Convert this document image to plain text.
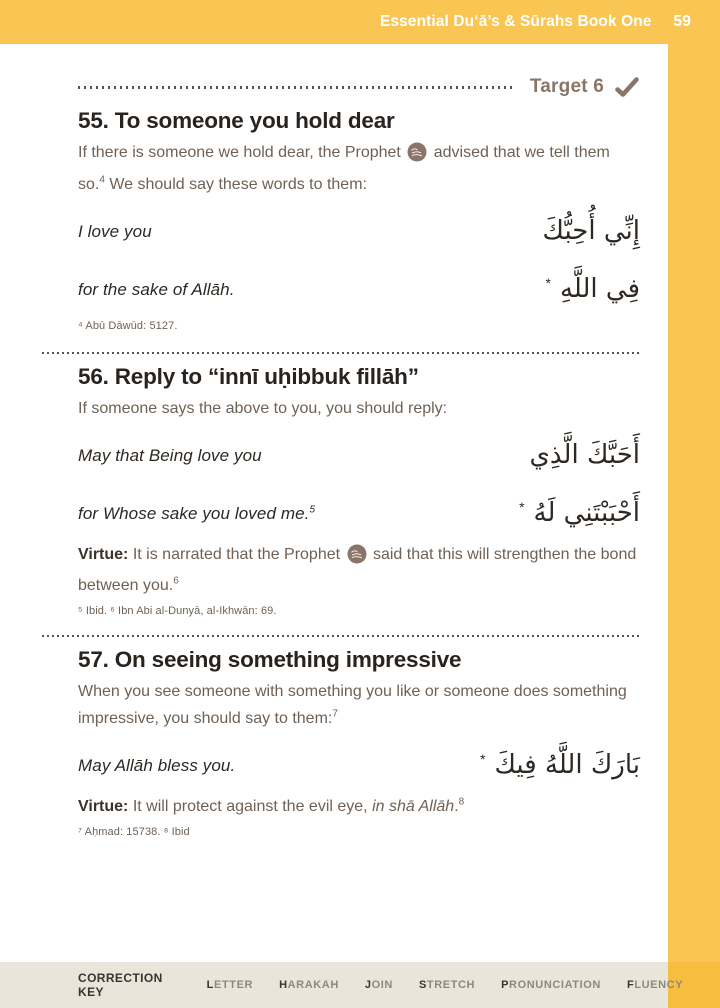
Essential Du‘ā’s & Sūrahs Book One 59
Target 6
55. To someone you hold dear

If there is someone we hold dear, the Prophet  advised that we tell them so.$^4$ We should say these words to them:

I love you	إِنِّي أُحِبُّكَ
for the sake of Allāh.	فِي اللَّهِ*

⁴ Abū Dāwūd: 5127.

56. Reply to “innī uḥibbuk fillāh”

If someone says the above to you, you should reply:

May that Being love you	أَحَبَّكَ الَّذِي
for Whose sake you loved me.$^5$	أَحْبَبْتَنِي لَهُ*

Virtue: It is narrated that the Prophet  said that this will strengthen the bond between you.$^6$

⁵ Ibid. ⁶ Ibn Abi al-Dunyā, al-Ikhwān: 69.

57. On seeing something impressive

When you see someone with something you like or someone does something impressive, you should say to them:$^7$

May Allāh bless you.	بَارَكَ اللَّهُ فِيكَ*

Virtue: It will protect against the evil eye, in shā Allāh.$^8$

⁷ Aḥmad: 15738. ⁸ Ibid

CORRECTION KEY	LETTER HARAKAH JOIN STRETCH PRONUNCIATION FLUENCY
